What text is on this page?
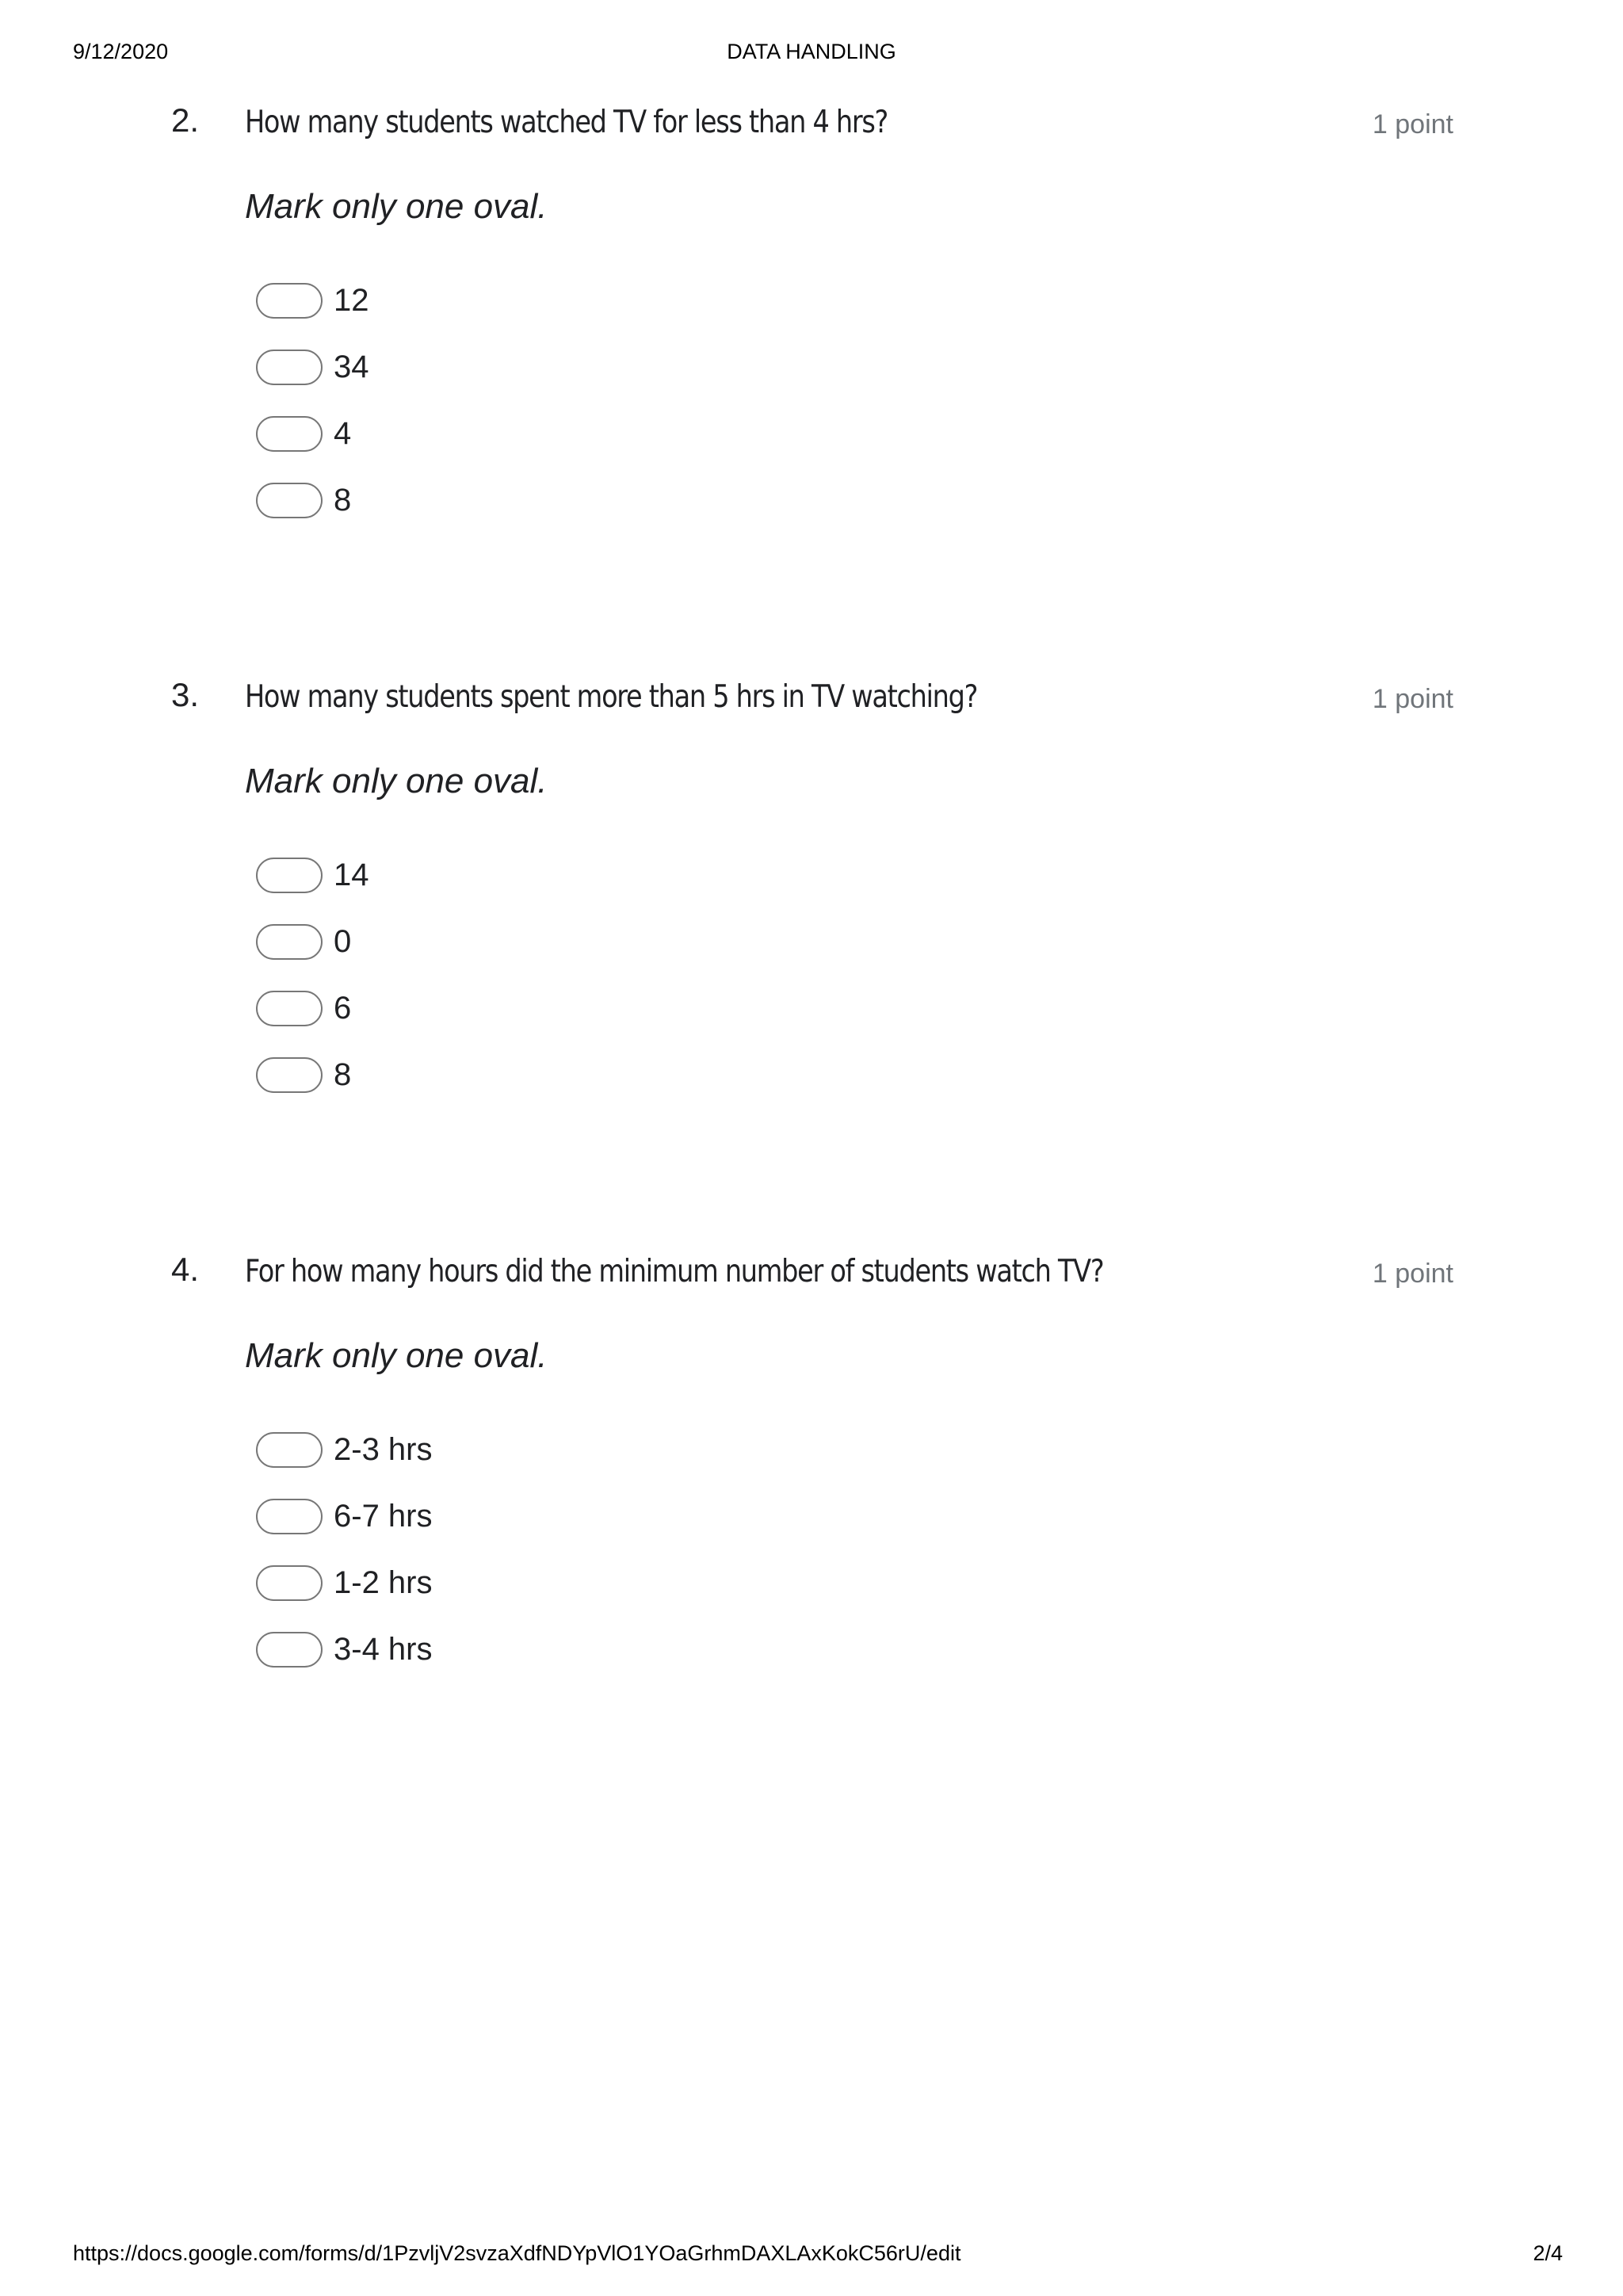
9/12/2020	DATA HANDLING
2. How many students watched TV for less than 4 hrs?	1 point
Mark only one oval.
12
34
4
8
3. How many students spent more than 5 hrs in TV watching?	1 point
Mark only one oval.
14
0
6
8
4. For how many hours did the minimum number of students watch TV?	1 point
Mark only one oval.
2-3 hrs
6-7 hrs
1-2 hrs
3-4 hrs
https://docs.google.com/forms/d/1PzvljV2svzaXdfNDYpVlO1YOaGrhmDAXLAxKokC56rU/edit	2/4
